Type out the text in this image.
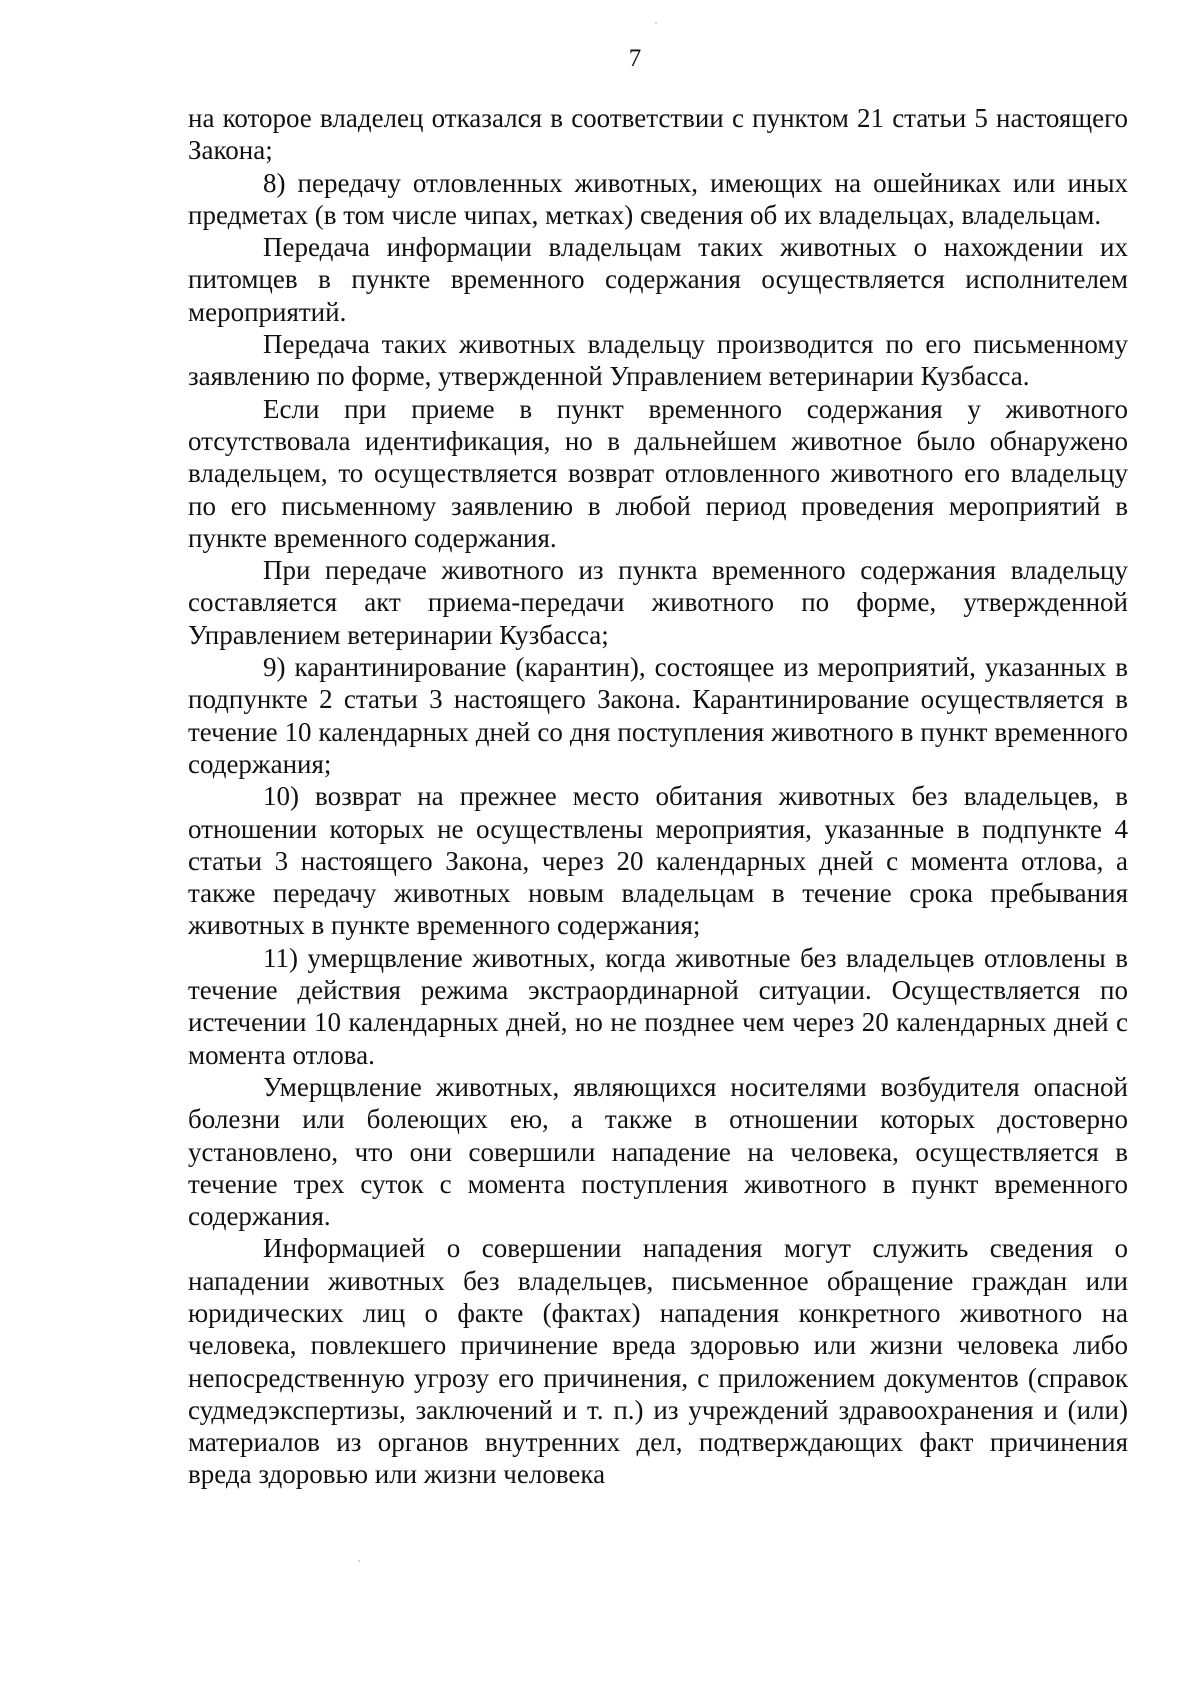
7

на которое владелец отказался в соответствии с пунктом 21 статьи 5 настоящего Закона;

8) передачу отловленных животных, имеющих на ошейниках или иных предметах (в том числе чипах, метках) сведения об их владельцах, владельцам.

Передача информации владельцам таких животных о нахождении их питомцев в пункте временного содержания осуществляется исполнителем мероприятий.

Передача таких животных владельцу производится по его письменному заявлению по форме, утвержденной Управлением ветеринарии Кузбасса.

Если при приеме в пункт временного содержания у животного отсутствовала идентификация, но в дальнейшем животное было обнаружено владельцем, то осуществляется возврат отловленного животного его владельцу по его письменному заявлению в любой период проведения мероприятий в пункте временного содержания.

При передаче животного из пункта временного содержания владельцу составляется акт приема-передачи животного по форме, утвержденной Управлением ветеринарии Кузбасса;

9) карантинирование (карантин), состоящее из мероприятий, указанных в подпункте 2 статьи 3 настоящего Закона. Карантинирование осуществляется в течение 10 календарных дней со дня поступления животного в пункт временного содержания;

10) возврат на прежнее место обитания животных без владельцев, в отношении которых не осуществлены мероприятия, указанные в подпункте 4 статьи 3 настоящего Закона, через 20 календарных дней с момента отлова, а также передачу животных новым владельцам в течение срока пребывания животных в пункте временного содержания;

11) умерщвление животных, когда животные без владельцев отловлены в течение действия режима экстраординарной ситуации. Осуществляется по истечении 10 календарных дней, но не позднее чем через 20 календарных дней с момента отлова.

Умерщвление животных, являющихся носителями возбудителя опасной болезни или болеющих ею, а также в отношении которых достоверно установлено, что они совершили нападение на человека, осуществляется в течение трех суток с момента поступления животного в пункт временного содержания.

Информацией о совершении нападения могут служить сведения о нападении животных без владельцев, письменное обращение граждан или юридических лиц о факте (фактах) нападения конкретного животного на человека, повлекшего причинение вреда здоровью или жизни человека либо непосредственную угрозу его причинения, с приложением документов (справок судмедэкспертизы, заключений и т. п.) из учреждений здравоохранения и (или) материалов из органов внутренних дел, подтверждающих факт причинения вреда здоровью или жизни человека
